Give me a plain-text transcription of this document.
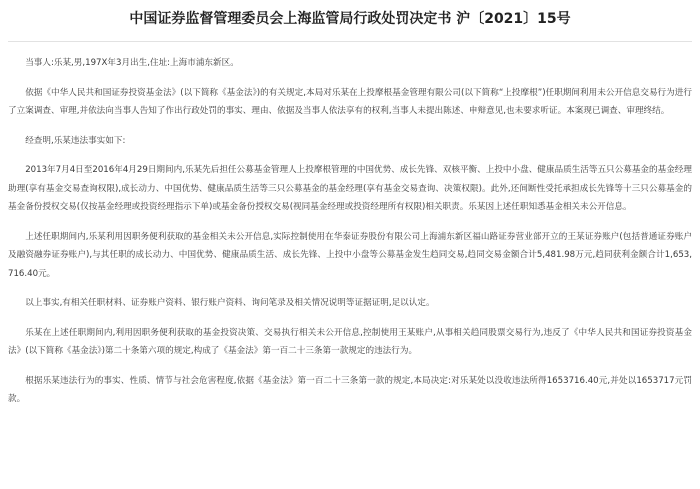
中国证券监督管理委员会上海监管局行政处罚决定书 沪〔2021〕15号

当事人:乐某,男,197X年3月出生,住址:上海市浦东新区。

依据《中华人民共和国证券投资基金法》(以下简称《基金法》)的有关规定,本局对乐某在上投摩根基金管理有限公司(以下简称“上投摩根”)任职期间利用未公开信息交易行为进行了立案调查、审理,并依法向当事人告知了作出行政处罚的事实、理由、依据及当事人依法享有的权利,当事人未提出陈述、申辩意见,也未要求听证。本案现已调查、审理终结。

经查明,乐某违法事实如下:

2013年7月4日至2016年4月29日期间内,乐某先后担任公募基金管理人上投摩根管理的中国优势、成长先锋、双核平衡、上投中小盘、健康品质生活等五只公募基金的基金经理助理(享有基金交易查询权限),成长动力、中国优势、健康品质生活等三只公募基金的基金经理(享有基金交易查询、决策权限)。此外,还间断性受托承担成长先锋等十三只公募基金的基金备份授权交易(仅按基金经理或投资经理指示下单)或基金备份授权交易(视同基金经理或投资经理所有权限)相关职责。乐某因上述任职知悉基金相关未公开信息。

上述任职期间内,乐某利用因职务便利获取的基金相关未公开信息,实际控制使用在华泰证券股份有限公司上海浦东新区福山路证券营业部开立的王某证券账户(包括普通证券账户及融资融券证券账户),与其任职的成长动力、中国优势、健康品质生活、成长先锋、上投中小盘等公募基金发生趋同交易,趋同交易金额合计5,481.98万元,趋同获利金额合计1,653,716.40元。

以上事实,有相关任职材料、证券账户资料、银行账户资料、询问笔录及相关情况说明等证据证明,足以认定。

乐某在上述任职期间内,利用因职务便利获取的基金投资决策、交易执行相关未公开信息,控制使用王某账户,从事相关趋同股票交易行为,违反了《中华人民共和国证券投资基金法》(以下简称《基金法》)第二十条第六项的规定,构成了《基金法》第一百二十三条第一款规定的违法行为。

根据乐某违法行为的事实、性质、情节与社会危害程度,依据《基金法》第一百二十三条第一款的规定,本局决定:对乐某处以没收违法所得1653716.40元,并处以1653717元罚款。
